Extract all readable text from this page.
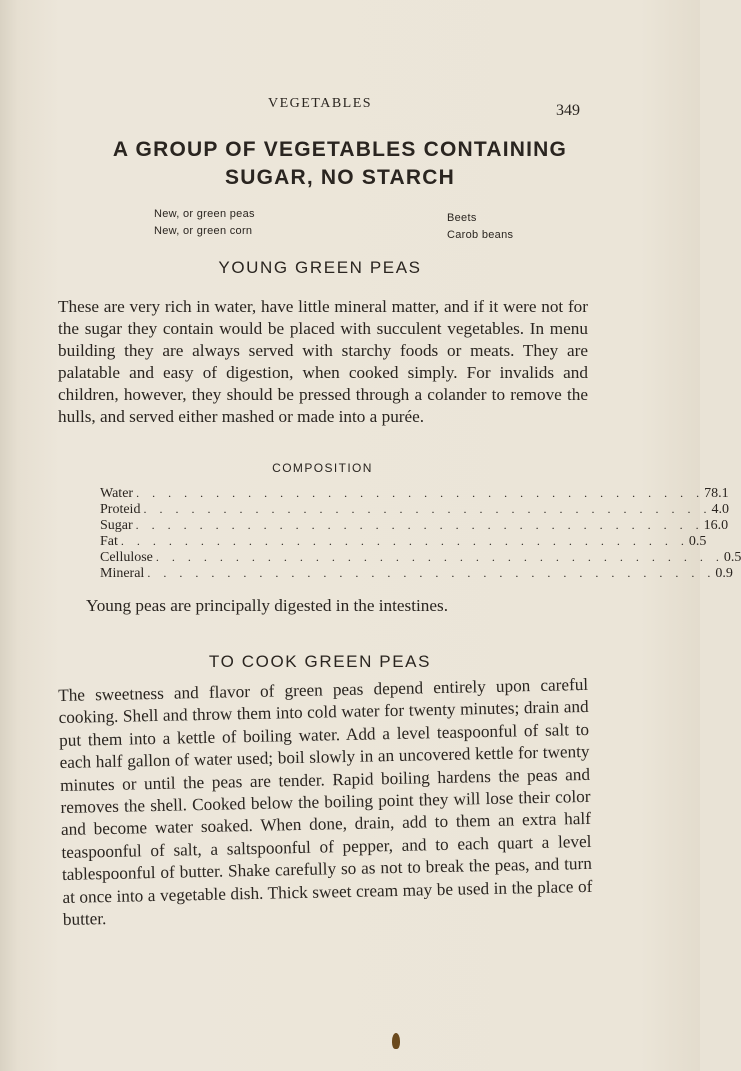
VEGETABLES	349
A GROUP OF VEGETABLES CONTAINING
SUGAR, NO STARCH
New, or green peas
New, or green corn
Beets
Carob beans
YOUNG GREEN PEAS
These are very rich in water, have little mineral matter, and if it were not for the sugar they contain would be placed with succulent vegetables. In menu building they are always served with starchy foods or meats. They are palatable and easy of digestion, when cooked simply. For invalids and children, however, they should be pressed through a colander to remove the hulls, and served either mashed or made into a purée.
COMPOSITION
Water . . . . . . . . . . . . . . . . . . . . . . . . . . . . . . . . . . . . 78.1
Proteid . . . . . . . . . . . . . . . . . . . . . . . . . . . . . . . . . . . . 4.0
Sugar . . . . . . . . . . . . . . . . . . . . . . . . . . . . . . . . . . . . 16.0
Fat . . . . . . . . . . . . . . . . . . . . . . . . . . . . . . . . . . . . 0.5
Cellulose . . . . . . . . . . . . . . . . . . . . . . . . . . . . . . . . . . . . 0.5
Mineral . . . . . . . . . . . . . . . . . . . . . . . . . . . . . . . . . . . . 0.9
Young peas are principally digested in the intestines.
TO COOK GREEN PEAS
The sweetness and flavor of green peas depend entirely upon careful cooking. Shell and throw them into cold water for twenty minutes; drain and put them into a kettle of boiling water. Add a level teaspoonful of salt to each half gallon of water used; boil slowly in an uncovered kettle for twenty minutes or until the peas are tender. Rapid boiling hardens the peas and removes the shell. Cooked below the boiling point they will lose their color and become water soaked. When done, drain, add to them an extra half teaspoonful of salt, a saltspoonful of pepper, and to each quart a level tablespoonful of butter. Shake carefully so as not to break the peas, and turn at once into a vegetable dish. Thick sweet cream may be used in the place of butter.
